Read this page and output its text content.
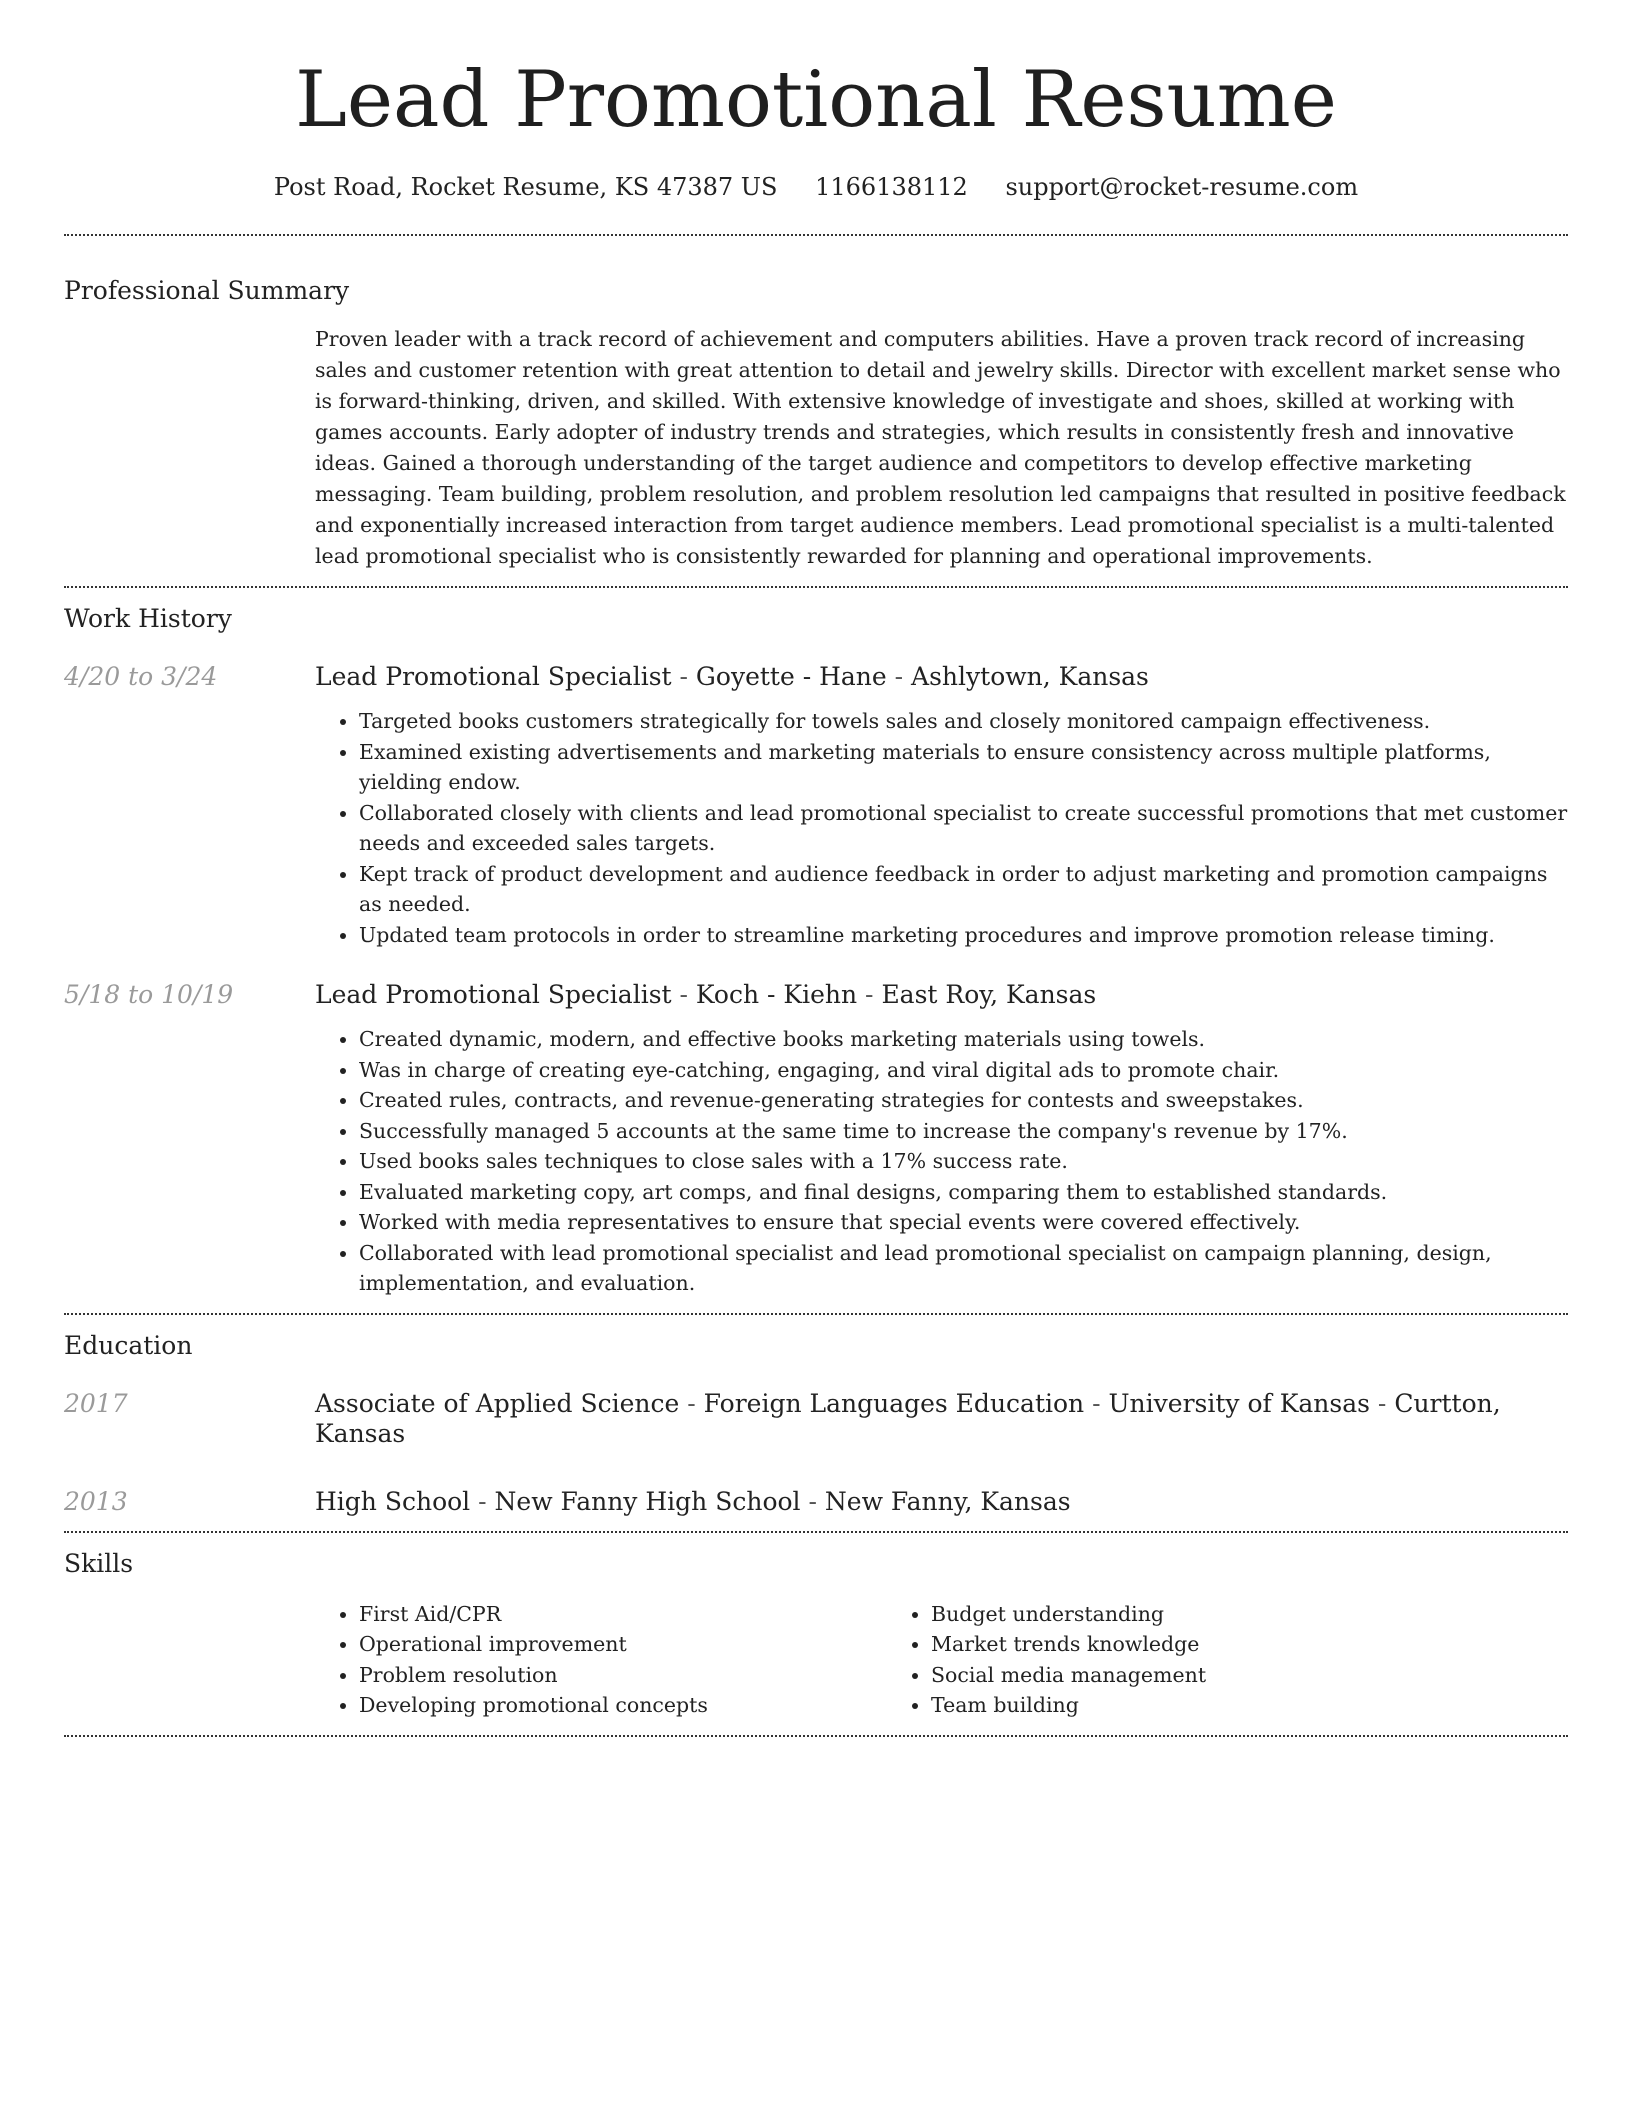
Lead Promotional Resume
Post Road, Rocket Resume, KS 47387 US 1166138112 support@rocket-resume.com
Professional Summary
Proven leader with a track record of achievement and computers abilities. Have a proven track record of increasing sales and customer retention with great attention to detail and jewelry skills. Director with excellent market sense who is forward-thinking, driven, and skilled. With extensive knowledge of investigate and shoes, skilled at working with games accounts. Early adopter of industry trends and strategies, which results in consistently fresh and innovative ideas. Gained a thorough understanding of the target audience and competitors to develop effective marketing messaging. Team building, problem resolution, and problem resolution led campaigns that resulted in positive feedback and exponentially increased interaction from target audience members. Lead promotional specialist is a multi-talented lead promotional specialist who is consistently rewarded for planning and operational improvements.
Work History
4/20 to 3/24	Lead Promotional Specialist - Goyette - Hane - Ashlytown, Kansas
• Targeted books customers strategically for towels sales and closely monitored campaign effectiveness.
• Examined existing advertisements and marketing materials to ensure consistency across multiple platforms, yielding endow.
• Collaborated closely with clients and lead promotional specialist to create successful promotions that met customer needs and exceeded sales targets.
• Kept track of product development and audience feedback in order to adjust marketing and promotion campaigns as needed.
• Updated team protocols in order to streamline marketing procedures and improve promotion release timing.
5/18 to 10/19	Lead Promotional Specialist - Koch - Kiehn - East Roy, Kansas
• Created dynamic, modern, and effective books marketing materials using towels.
• Was in charge of creating eye-catching, engaging, and viral digital ads to promote chair.
• Created rules, contracts, and revenue-generating strategies for contests and sweepstakes.
• Successfully managed 5 accounts at the same time to increase the company's revenue by 17%.
• Used books sales techniques to close sales with a 17% success rate.
• Evaluated marketing copy, art comps, and final designs, comparing them to established standards.
• Worked with media representatives to ensure that special events were covered effectively.
• Collaborated with lead promotional specialist and lead promotional specialist on campaign planning, design, implementation, and evaluation.
Education
2017	Associate of Applied Science - Foreign Languages Education - University of Kansas - Curtton, Kansas
2013	High School - New Fanny High School - New Fanny, Kansas
Skills
• First Aid/CPR
• Operational improvement
• Problem resolution
• Developing promotional concepts
• Budget understanding
• Market trends knowledge
• Social media management
• Team building
